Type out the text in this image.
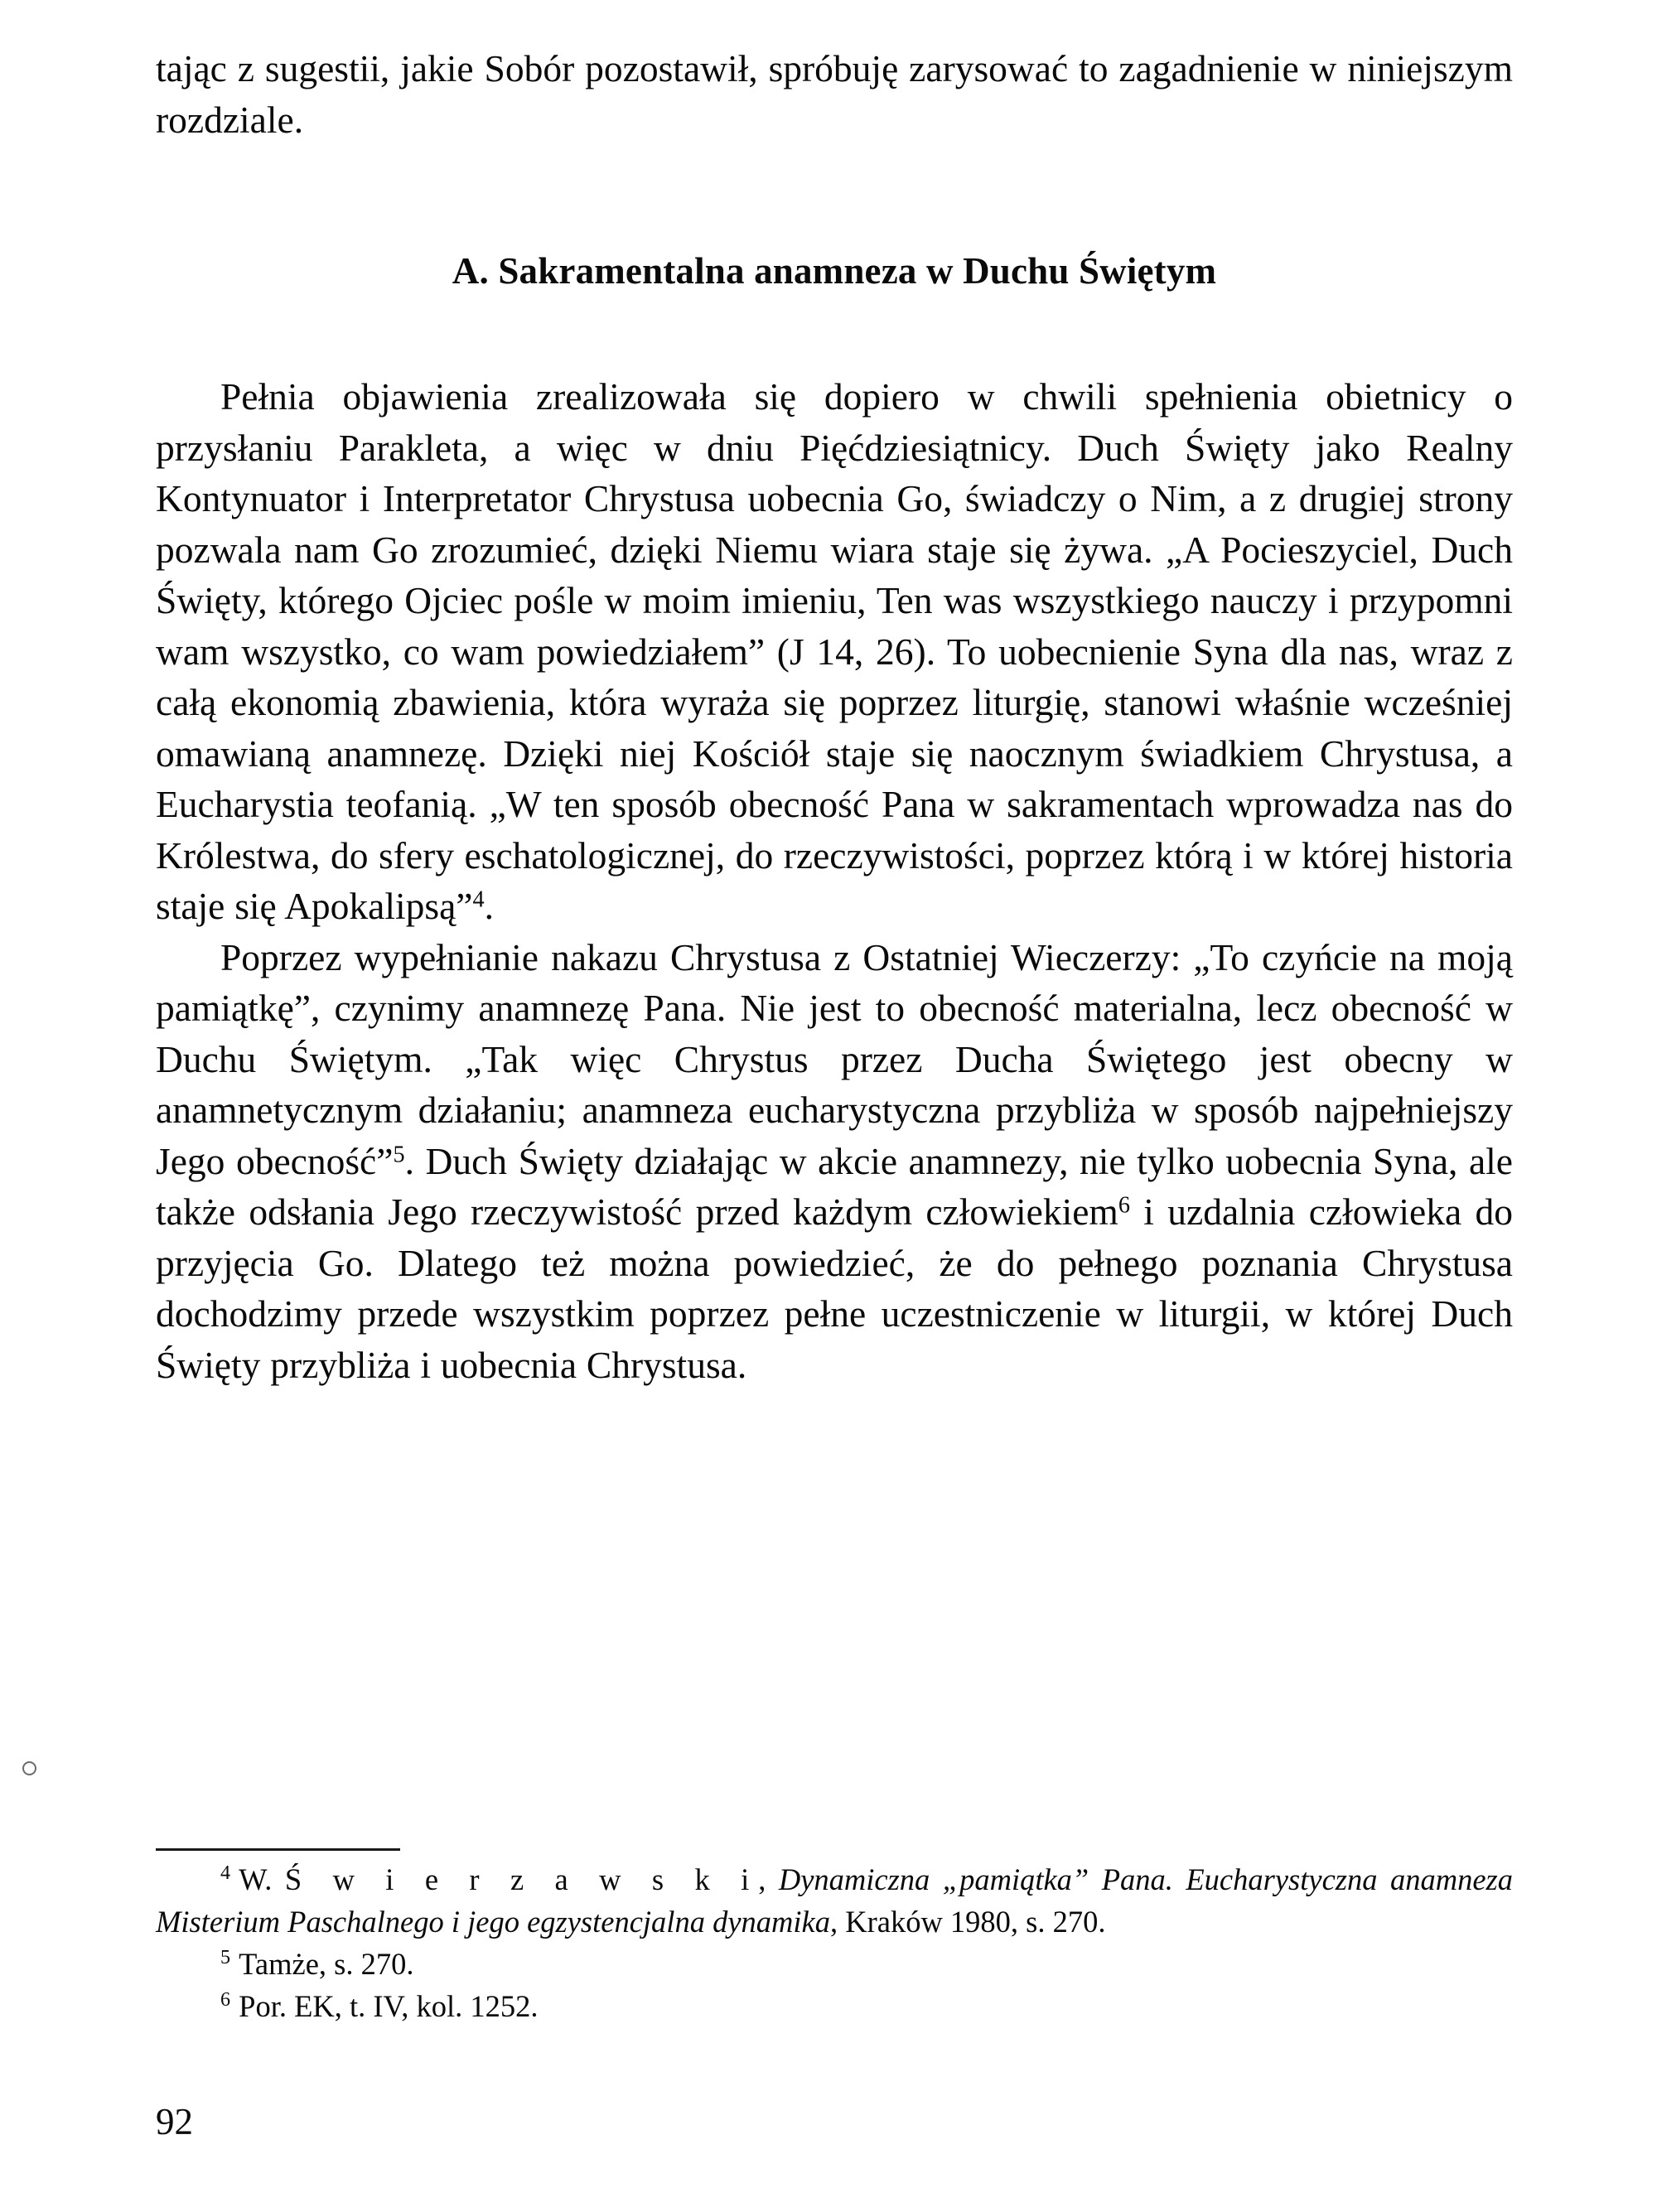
tając z sugestii, jakie Sobór pozostawił, spróbuję zarysować to zagadnienie w niniejszym rozdziale.

A. Sakramentalna anamneza w Duchu Świętym

Pełnia objawienia zrealizowała się dopiero w chwili spełnienia obietnicy o przysłaniu Parakleta, a więc w dniu Pięćdziesiątnicy. Duch Święty jako Realny Kontynuator i Interpretator Chrystusa uobecnia Go, świadczy o Nim, a z drugiej strony pozwala nam Go zrozumieć, dzięki Niemu wiara staje się żywa. „A Pocieszyciel, Duch Święty, którego Ojciec pośle w moim imieniu, Ten was wszystkiego nauczy i przypomni wam wszystko, co wam powiedziałem” (J 14, 26). To uobecnienie Syna dla nas, wraz z całą ekonomią zbawienia, która wyraża się poprzez liturgię, stanowi właśnie wcześniej omawianą anamnezę. Dzięki niej Kościół staje się naocznym świadkiem Chrystusa, a Eucharystia teofanią. „W ten sposób obecność Pana w sakramentach wprowadza nas do Królestwa, do sfery eschatologicznej, do rzeczywistości, poprzez którą i w której historia staje się Apokalipsą”$^4$.

Poprzez wypełnianie nakazu Chrystusa z Ostatniej Wieczerzy: „To czyńcie na moją pamiątkę”, czynimy anamnezę Pana. Nie jest to obecność materialna, lecz obecność w Duchu Świętym. „Tak więc Chrystus przez Ducha Świętego jest obecny w anamnetycznym działaniu; anamneza eucharystyczna przybliża w sposób najpełniejszy Jego obecność”$^5$. Duch Święty działając w akcie anamnezy, nie tylko uobecnia Syna, ale także odsłania Jego rzeczywistość przed każdym człowiekiem$^6$ i uzdalnia człowieka do przyjęcia Go. Dlatego też można powiedzieć, że do pełnego poznania Chrystusa dochodzimy przede wszystkim poprzez pełne uczestniczenie w liturgii, w której Duch Święty przybliża i uobecnia Chrystusa.

$^4$ W. Ś w i e r z a w s k i, Dynamiczna „pamiątka” Pana. Eucharystyczna anamneza Misterium Paschalnego i jego egzystencjalna dynamika, Kraków 1980, s. 270.

$^5$ Tamże, s. 270.

$^6$ Por. EK, t. IV, kol. 1252.

92
